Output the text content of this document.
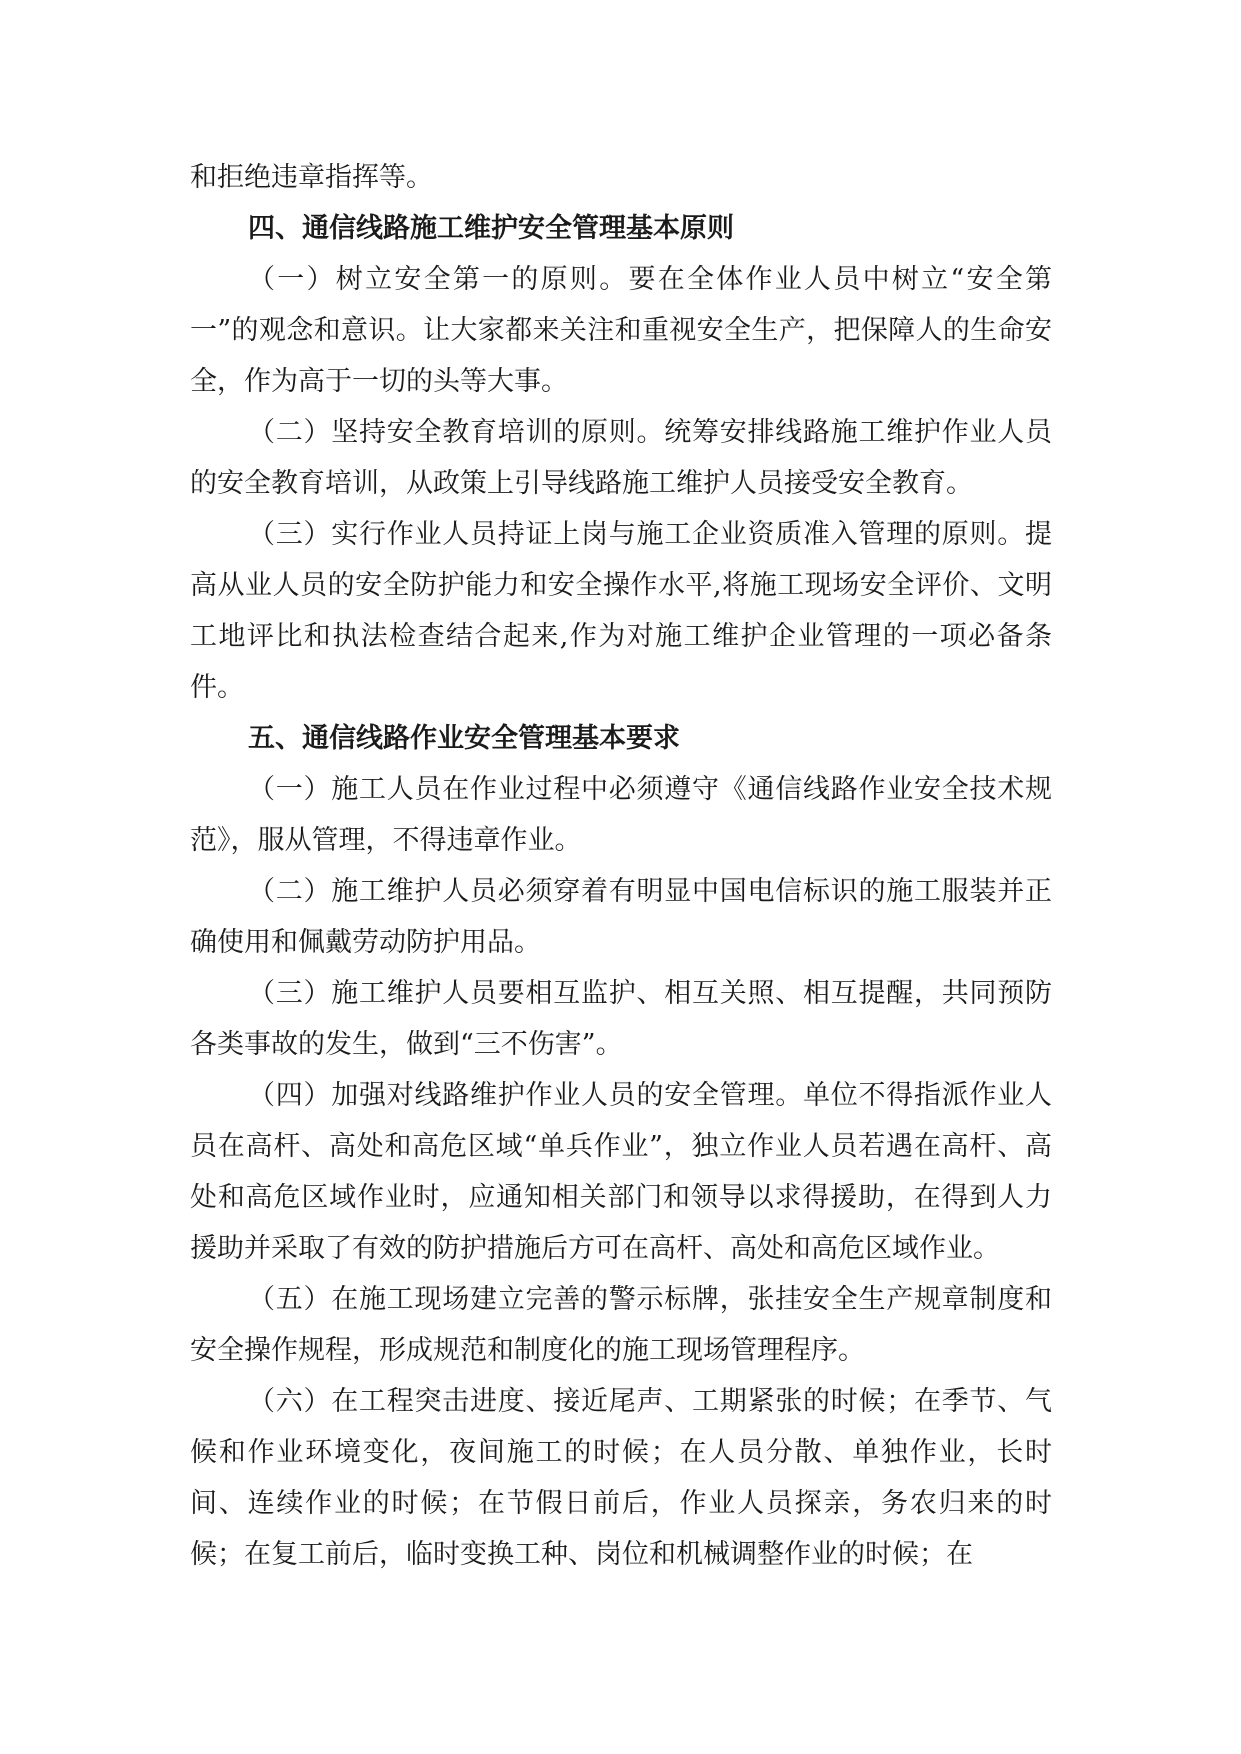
和拒绝违章指挥等。

四、通信线路施工维护安全管理基本原则

（一）树立安全第一的原则。要在全体作业人员中树立“安全第一”的观念和意识。让大家都来关注和重视安全生产，把保障人的生命安全，作为高于一切的头等大事。

（二）坚持安全教育培训的原则。统筹安排线路施工维护作业人员的安全教育培训，从政策上引导线路施工维护人员接受安全教育。

（三）实行作业人员持证上岗与施工企业资质准入管理的原则。提高从业人员的安全防护能力和安全操作水平,将施工现场安全评价、文明工地评比和执法检查结合起来,作为对施工维护企业管理的一项必备条件。

五、通信线路作业安全管理基本要求

（一）施工人员在作业过程中必须遵守《通信线路作业安全技术规范》，服从管理，不得违章作业。

（二）施工维护人员必须穿着有明显中国电信标识的施工服装并正确使用和佩戴劳动防护用品。

（三）施工维护人员要相互监护、相互关照、相互提醒，共同预防各类事故的发生，做到“三不伤害”。

（四）加强对线路维护作业人员的安全管理。单位不得指派作业人员在高杆、高处和高危区域“单兵作业”，独立作业人员若遇在高杆、高处和高危区域作业时，应通知相关部门和领导以求得援助，在得到人力援助并采取了有效的防护措施后方可在高杆、高处和高危区域作业。

（五）在施工现场建立完善的警示标牌，张挂安全生产规章制度和安全操作规程，形成规范和制度化的施工现场管理程序。

（六）在工程突击进度、接近尾声、工期紧张的时候；在季节、气候和作业环境变化，夜间施工的时候；在人员分散、单独作业，长时间、连续作业的时候；在节假日前后，作业人员探亲，务农归来的时候；在复工前后，临时变换工种、岗位和机械调整作业的时候；在
